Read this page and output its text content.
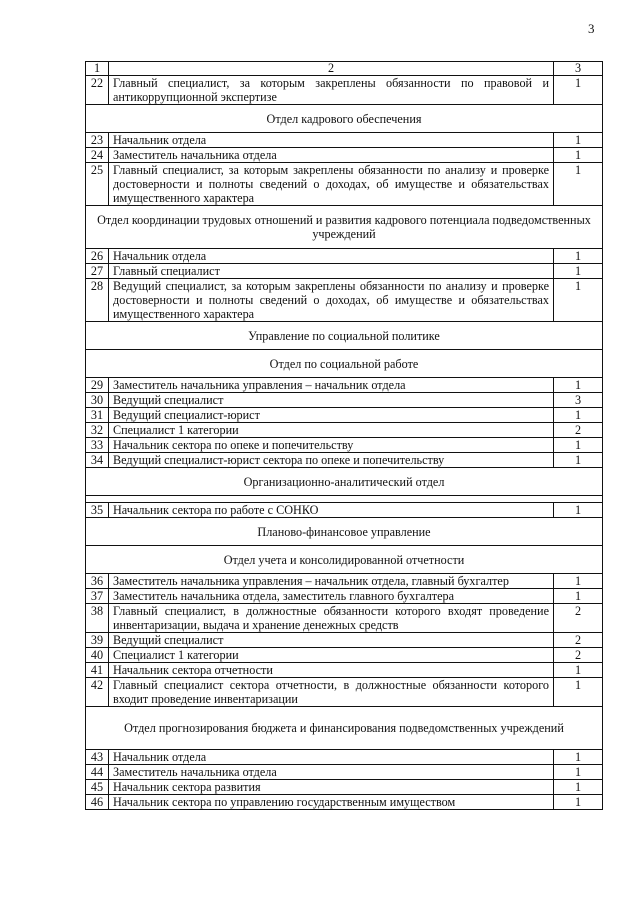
3
1	2	3
22	Главный специалист, за которым закреплены обязанности по правовой и антикоррупционной экспертизе	1
Отдел кадрового обеспечения		
23	Начальник отдела	1
24	Заместитель начальника отдела	1
25	Главный специалист, за которым закреплены обязанности по анализу и проверке достоверности и полноты сведений о доходах, об имуществе и обязательствах имущественного характера	1
Отдел координации трудовых отношений и развития кадрового потенциала подведомственных учреждений		
26	Начальник отдела	1
27	Главный специалист	1
28	Ведущий специалист, за которым закреплены обязанности по анализу и проверке достоверности и полноты сведений о доходах, об имуществе и обязательствах имущественного характера	1
Управление по социальной политике		
Отдел по социальной работе		
29	Заместитель начальника управления – начальник отдела	1
30	Ведущий специалист	3
31	Ведущий специалист-юрист	1
32	Специалист 1 категории	2
33	Начальник сектора по опеке и попечительству	1
34	Ведущий специалист-юрист сектора по опеке и попечительству	1
Организационно-аналитический отдел		

35	Начальник сектора по работе с СОНКО	1
Планово-финансовое управление		
Отдел учета и консолидированной отчетности		
36	Заместитель начальника управления – начальник отдела, главный бухгалтер	1
37	Заместитель начальника отдела, заместитель главного бухгалтера	1
38	Главный специалист, в должностные обязанности которого входят проведение инвентаризации, выдача и хранение денежных средств	2
39	Ведущий специалист	2
40	Специалист 1 категории	2
41	Начальник сектора отчетности	1
42	Главный специалист сектора отчетности, в должностные обязанности которого входит проведение инвентаризации	1
Отдел прогнозирования бюджета и финансирования подведомственных учреждений		
43	Начальник отдела	1
44	Заместитель начальника отдела	1
45	Начальник сектора развития	1
46	Начальник сектора по управлению государственным имуществом	1
